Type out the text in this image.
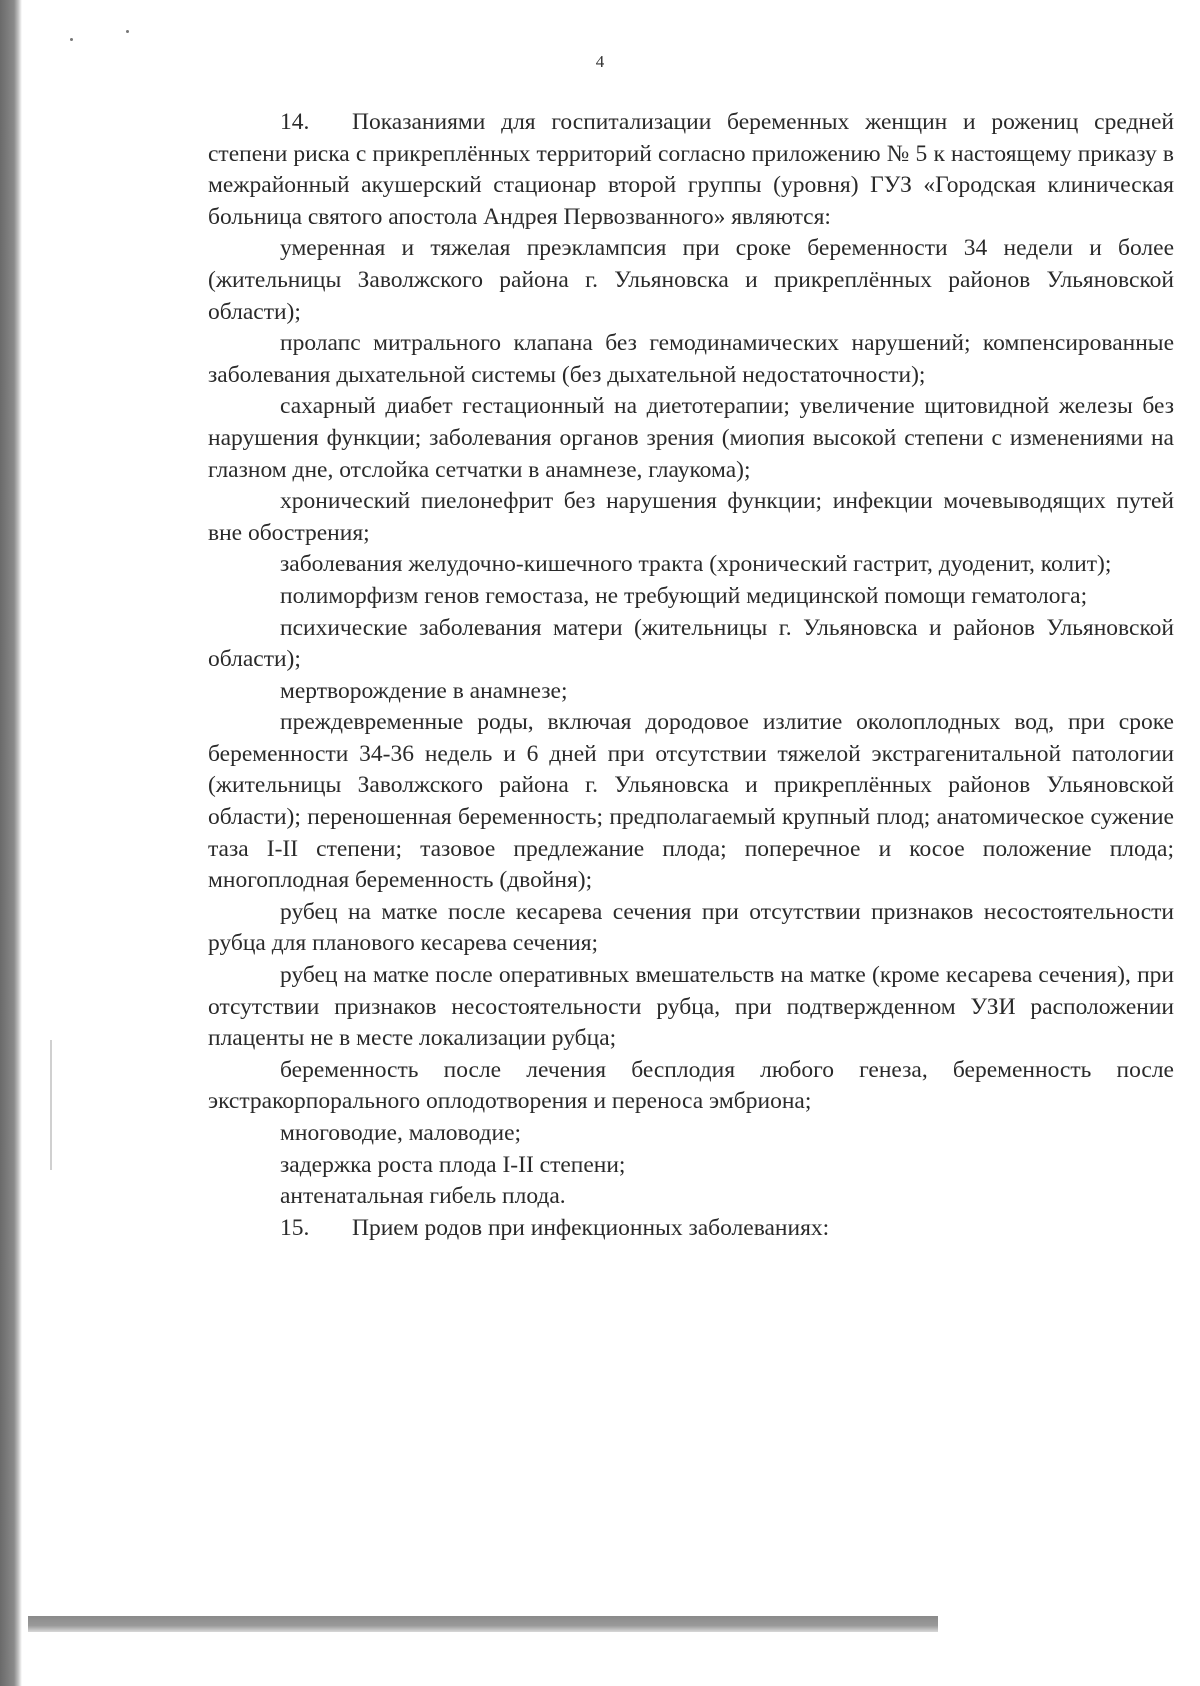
4

14. Показаниями для госпитализации беременных женщин и рожениц средней степени риска с прикреплённых территорий согласно приложению № 5 к настоящему приказу в межрайонный акушерский стационар второй группы (уровня) ГУЗ «Городская клиническая больница святого апостола Андрея Первозванного» являются:

умеренная и тяжелая преэклампсия при сроке беременности 34 недели и более (жительницы Заволжского района г. Ульяновска и прикреплённых районов Ульяновской области);

пролапс митрального клапана без гемодинамических нарушений; компенсированные заболевания дыхательной системы (без дыхательной недостаточности);

сахарный диабет гестационный на диетотерапии; увеличение щитовидной железы без нарушения функции; заболевания органов зрения (миопия высокой степени с изменениями на глазном дне, отслойка сетчатки в анамнезе, глаукома);

хронический пиелонефрит без нарушения функции; инфекции мочевыводящих путей вне обострения;

заболевания желудочно-кишечного тракта (хронический гастрит, дуоденит, колит);

полиморфизм генов гемостаза, не требующий медицинской помощи гематолога;

психические заболевания матери (жительницы г. Ульяновска и районов Ульяновской области);

мертворождение в анамнезе;

преждевременные роды, включая дородовое излитие околоплодных вод, при сроке беременности 34-36 недель и 6 дней при отсутствии тяжелой экстрагенитальной патологии (жительницы Заволжского района г. Ульяновска и прикреплённых районов Ульяновской области); переношенная беременность; предполагаемый крупный плод; анатомическое сужение таза I-II степени; тазовое предлежание плода; поперечное и косое положение плода; многоплодная беременность (двойня);

рубец на матке после кесарева сечения при отсутствии признаков несостоятельности рубца для планового кесарева сечения;

рубец на матке после оперативных вмешательств на матке (кроме кесарева сечения), при отсутствии признаков несостоятельности рубца, при подтвержденном УЗИ расположении плаценты не в месте локализации рубца;

беременность после лечения бесплодия любого генеза, беременность после экстракорпорального оплодотворения и переноса эмбриона;

многоводие, маловодие;

задержка роста плода I-II степени;

антенатальная гибель плода.

15. Прием родов при инфекционных заболеваниях:
